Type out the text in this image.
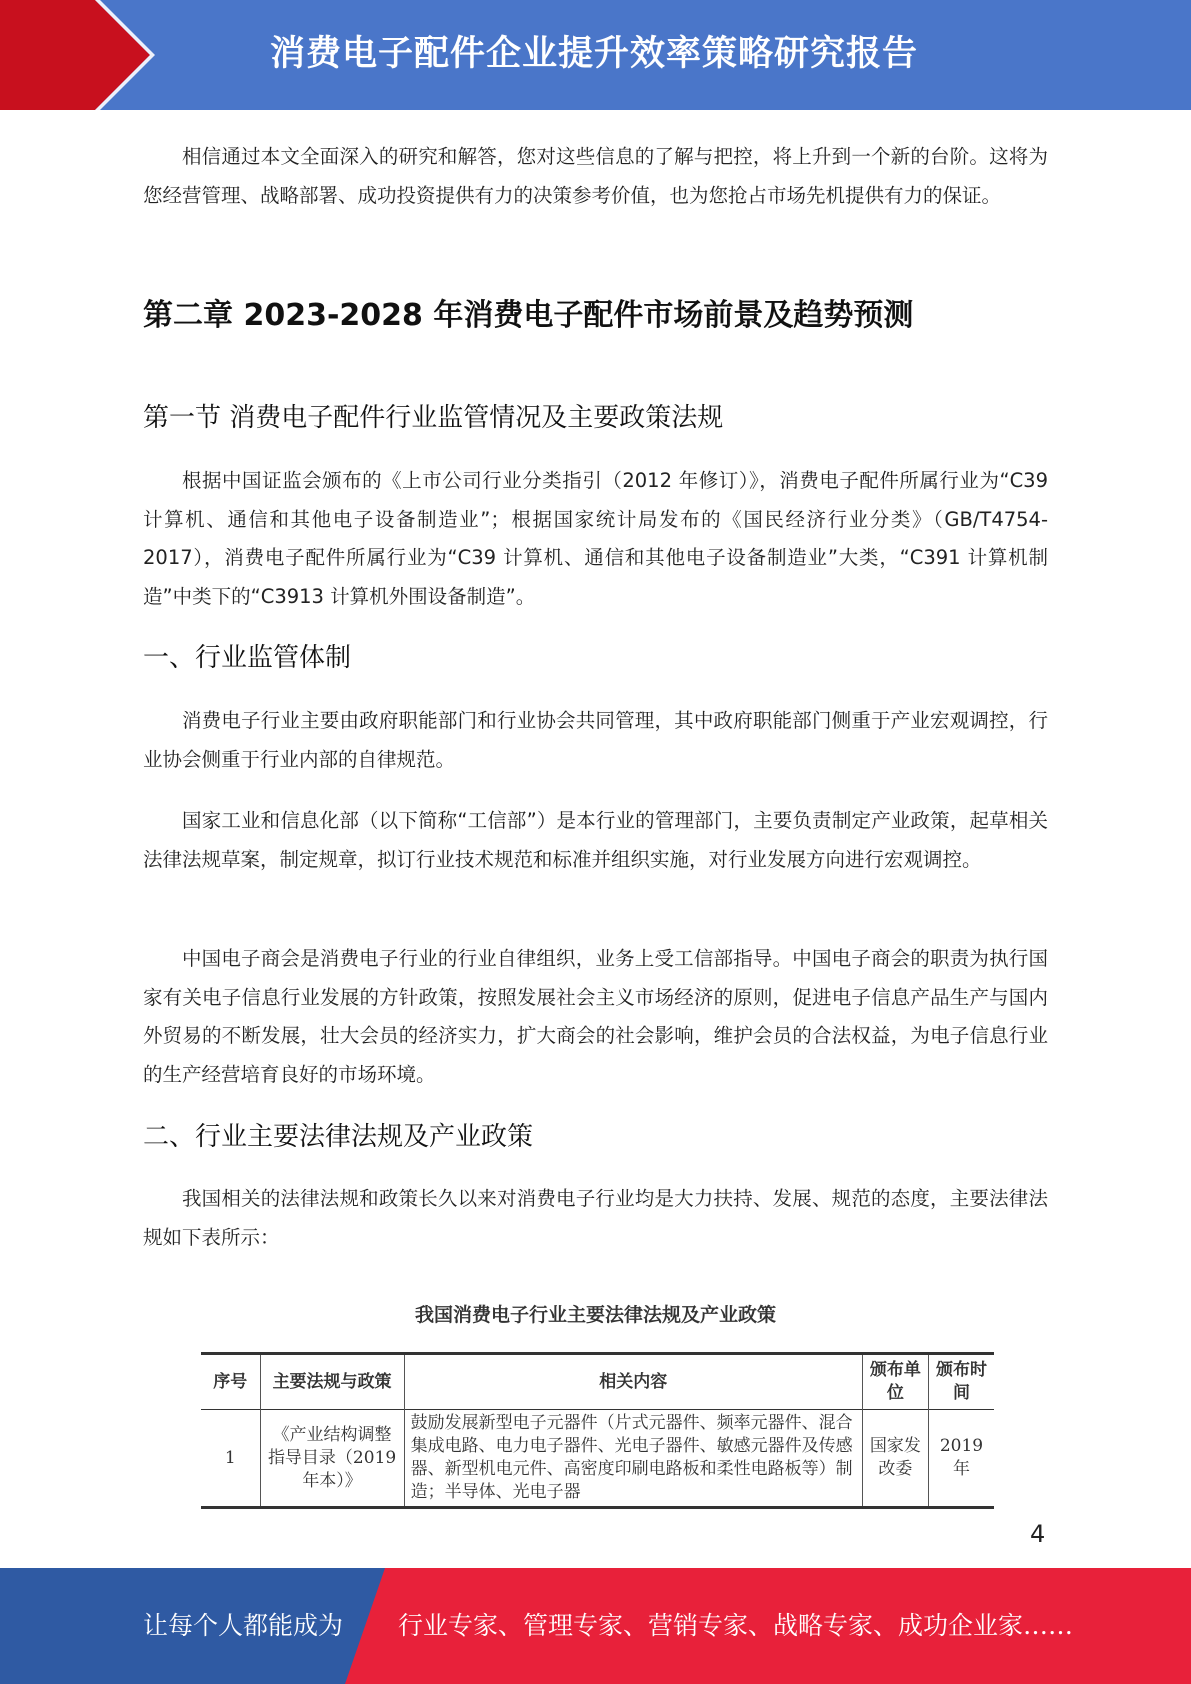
消费电子配件企业提升效率策略研究报告

相信通过本文全面深入的研究和解答，您对这些信息的了解与把控，将上升到一个新的台阶。这将为您经营管理、战略部署、成功投资提供有力的决策参考价值，也为您抢占市场先机提供有力的保证。

第二章 2023-2028 年消费电子配件市场前景及趋势预测
第一节 消费电子配件行业监管情况及主要政策法规

根据中国证监会颁布的《上市公司行业分类指引（2012 年修订）》，消费电子配件所属行业为“C39 计算机、通信和其他电子设备制造业”；根据国家统计局发布的《国民经济行业分类》（GB/T4754-2017），消费电子配件所属行业为“C39 计算机、通信和其他电子设备制造业”大类，“C391 计算机制造”中类下的“C3913 计算机外围设备制造”。

一、行业监管体制

消费电子行业主要由政府职能部门和行业协会共同管理，其中政府职能部门侧重于产业宏观调控，行业协会侧重于行业内部的自律规范。

国家工业和信息化部（以下简称“工信部”）是本行业的管理部门，主要负责制定产业政策，起草相关法律法规草案，制定规章，拟订行业技术规范和标准并组织实施，对行业发展方向进行宏观调控。

中国电子商会是消费电子行业的行业自律组织，业务上受工信部指导。中国电子商会的职责为执行国家有关电子信息行业发展的方针政策，按照发展社会主义市场经济的原则，促进电子信息产品生产与国内外贸易的不断发展，壮大会员的经济实力，扩大商会的社会影响，维护会员的合法权益，为电子信息行业的生产经营培育良好的市场环境。

二、行业主要法律法规及产业政策

我国相关的法律法规和政策长久以来对消费电子行业均是大力扶持、发展、规范的态度，主要法律法规如下表所示：

我国消费电子行业主要法律法规及产业政策
序号	主要法规与政策	相关内容	颁布单位	颁布时间
1	《产业结构调整指导目录（2019 年本）》	鼓励发展新型电子元器件（片式元器件、频率元器件、混合集成电路、电力电子器件、光电子器件、敏感元器件及传感器、新型机电元件、高密度印刷电路板和柔性电路板等）制造；半导体、光电子器	国家发改委	2019 年
4
让每个人都能成为 行业专家、管理专家、营销专家、战略专家、成功企业家……
